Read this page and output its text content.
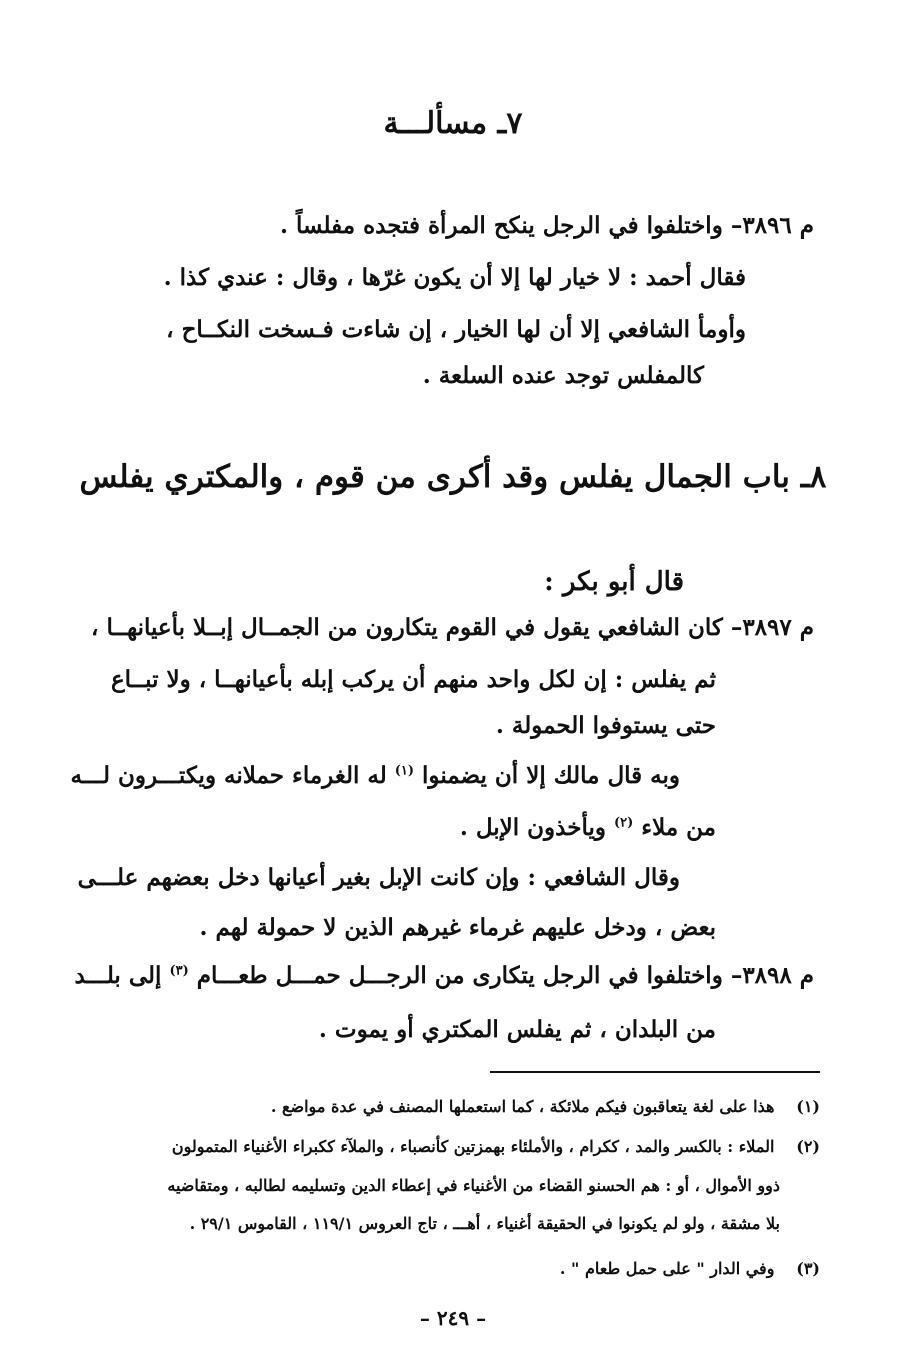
٧ـ مسألـــة
م ٣٨٩٦– واختلفوا في الرجل ينكح المرأة فتجده مفلساً .
فقال أحمد : لا خيار لها إلا أن يكون غرّها ، وقال : عندي كذا .
وأومأ الشافعي إلا أن لها الخيار ، إن شاءت فـسخت النكــاح ،
كالمفلس توجد عنده السلعة .
٨ـ باب الجمال يفلس وقد أكرى من قوم ، والمكتري يفلس
قال أبو بكر :
م ٣٨٩٧– كان الشافعي يقول في القوم يتكارون من الجمــال إبــلا بأعيانهــا ،
ثم يفلس : إن لكل واحد منهم أن يركب إبله بأعيانهــا ، ولا تبــاع
حتى يستوفوا الحمولة .
وبه قال مالك إلا أن يضمنوا $^{(١)}$ له الغرماء حملانه ويكتـــرون لـــه
من ملاء $^{(٢)}$ ويأخذون الإبل .
وقال الشافعي : وإن كانت الإبل بغير أعيانها دخل بعضهم علـــى
بعض ، ودخل عليهم غرماء غيرهم الذين لا حمولة لهم .
م ٣٨٩٨– واختلفوا في الرجل يتكارى من الرجـــل حمـــل طعـــام $^{(٣)}$ إلى بلـــد
من البلدان ، ثم يفلس المكتري أو يموت .
(١) هذا على لغة يتعاقبون فيكم ملائكة ، كما استعملها المصنف في عدة مواضع .
(٢) الملاء : بالكسر والمد ، ككرام ، والأملئاء بهمزتين كأنصباء ، والملآء ككبراء الأغنياء المتمولون
ذوو الأموال ، أو : هم الحسنو القضاء من الأغنياء في إعطاء الدين وتسليمه لطالبه ، ومتقاضيه
بلا مشقة ، ولو لم يكونوا في الحقيقة أغنياء ، أهـــ ، تاج العروس ١١٩/١ ، القاموس ٢٩/١ .
(٣) وفي الدار " على حمل طعام " .
– ٢٤٩ –
